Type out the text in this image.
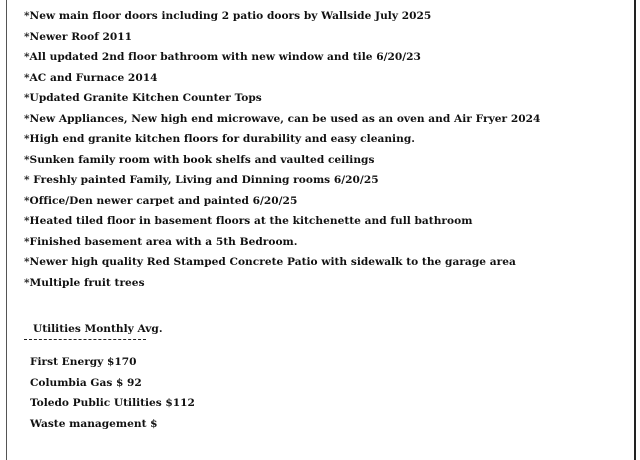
*New main floor doors including 2 patio doors by Wallside July 2025
*Newer Roof 2011
*All updated 2nd floor bathroom with new window and tile 6/20/23
*AC and Furnace 2014
*Updated Granite Kitchen Counter Tops
*New Appliances, New high end microwave, can be used as an oven and Air Fryer 2024
*High end granite kitchen floors for durability and easy cleaning.
*Sunken family room with book shelfs and vaulted ceilings
* Freshly painted Family, Living and Dinning rooms 6/20/25
*Office/Den newer carpet and painted 6/20/25
*Heated tiled floor in basement floors at the kitchenette and full bathroom
*Finished basement area with a 5th Bedroom.
*Newer high quality Red Stamped Concrete Patio with sidewalk to the garage area
*Multiple fruit trees
Utilities Monthly Avg.
First Energy $170
Columbia Gas $ 92
Toledo Public Utilities $112
Waste management $
